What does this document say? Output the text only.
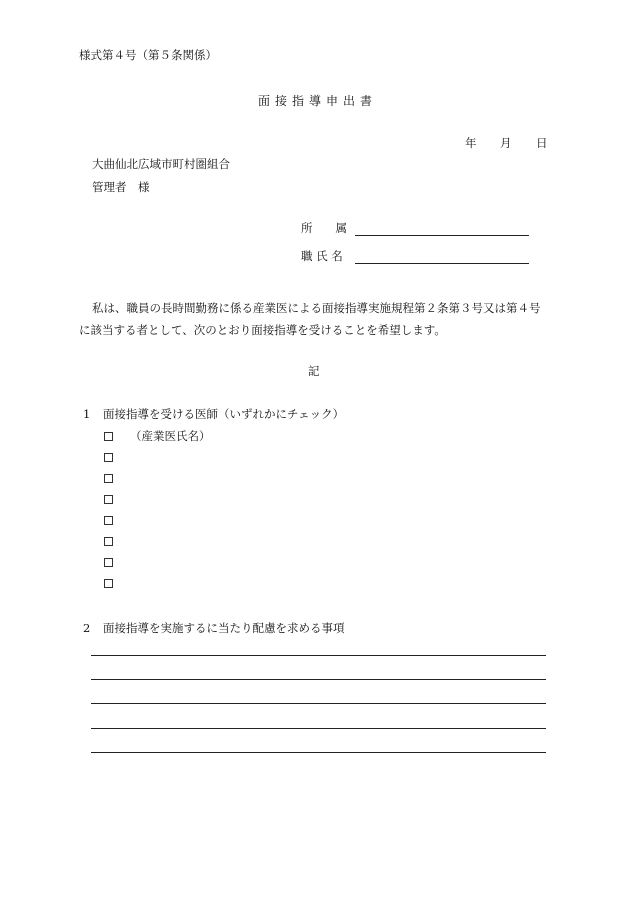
様式第４号（第５条関係）
面接指導申出書
年 月 日
大曲仙北広域市町村圏組合
管理者　様
所　　属
職 氏 名
私は、職員の長時間勤務に係る産業医による面接指導実施規程第２条第３号又は第４号
に該当する者として、次のとおり面接指導を受けることを希望します。
記
1 面接指導を受ける医師（いずれかにチェック）
（産業医氏名）
2 面接指導を実施するに当たり配慮を求める事項
